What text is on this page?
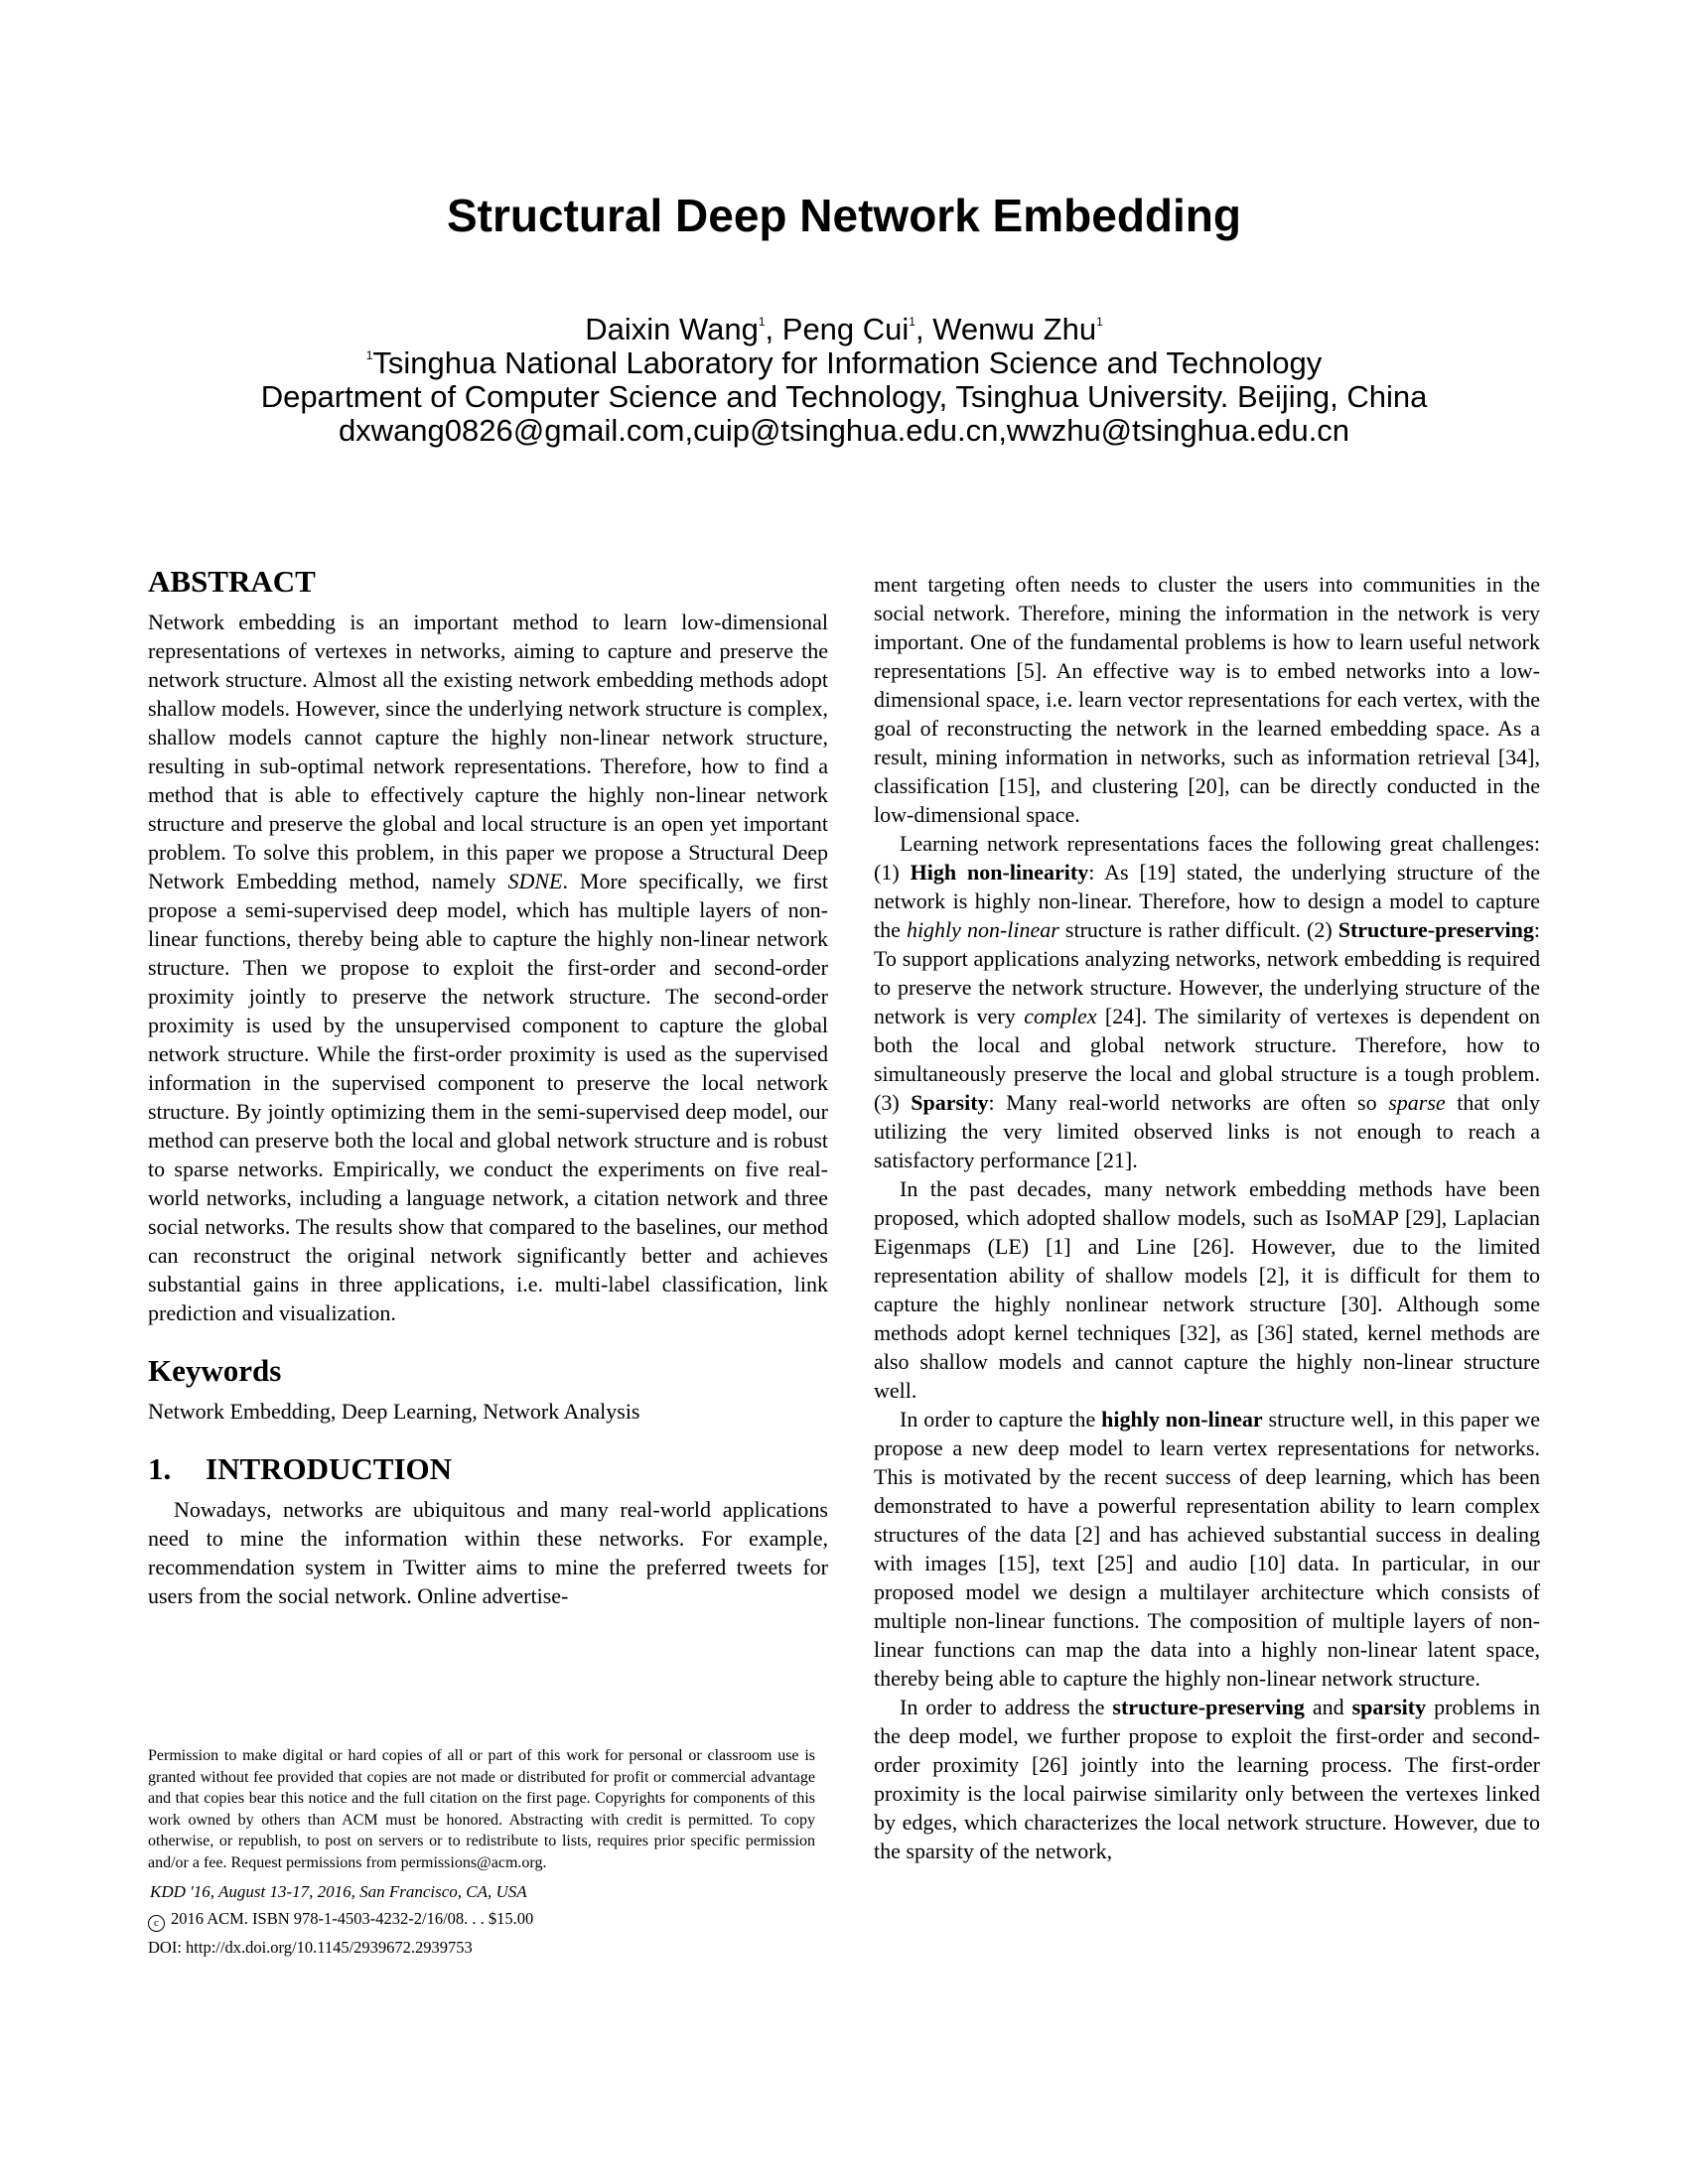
Structural Deep Network Embedding
Daixin Wang$^1$, Peng Cui$^1$, Wenwu Zhu$^1$
$^1$Tsinghua National Laboratory for Information Science and Technology
Department of Computer Science and Technology, Tsinghua University. Beijing, China
dxwang0826@gmail.com,cuip@tsinghua.edu.cn,wwzhu@tsinghua.edu.cn
ABSTRACT

Network embedding is an important method to learn low-dimensional representations of vertexes in networks, aiming to capture and preserve the network structure. Almost all the existing network embedding methods adopt shallow models. However, since the underlying network structure is complex, shallow models cannot capture the highly non-linear network structure, resulting in sub-optimal network representations. Therefore, how to find a method that is able to effectively capture the highly non-linear network structure and preserve the global and local structure is an open yet important problem. To solve this problem, in this paper we propose a Structural Deep Network Embedding method, namely SDNE. More specifically, we first propose a semi-supervised deep model, which has multiple layers of non-linear functions, thereby being able to capture the highly non-linear network structure. Then we propose to exploit the first-order and second-order proximity jointly to preserve the network structure. The second-order proximity is used by the unsupervised component to capture the global network structure. While the first-order proximity is used as the supervised information in the supervised component to preserve the local network structure. By jointly optimizing them in the semi-supervised deep model, our method can preserve both the local and global network structure and is robust to sparse networks. Empirically, we conduct the experiments on five real-world networks, including a language network, a citation network and three social networks. The results show that compared to the baselines, our method can reconstruct the original network significantly better and achieves substantial gains in three applications, i.e. multi-label classification, link prediction and visualization.

Keywords

Network Embedding, Deep Learning, Network Analysis

1. INTRODUCTION

Nowadays, networks are ubiquitous and many real-world applications need to mine the information within these networks. For example, recommendation system in Twitter aims to mine the preferred tweets for users from the social network. Online advertise-

ment targeting often needs to cluster the users into communities in the social network. Therefore, mining the information in the network is very important. One of the fundamental problems is how to learn useful network representations [5]. An effective way is to embed networks into a low-dimensional space, i.e. learn vector representations for each vertex, with the goal of reconstructing the network in the learned embedding space. As a result, mining information in networks, such as information retrieval [34], classification [15], and clustering [20], can be directly conducted in the low-dimensional space.

Learning network representations faces the following great challenges: (1) High non-linearity: As [19] stated, the underlying structure of the network is highly non-linear. Therefore, how to design a model to capture the highly non-linear structure is rather difficult. (2) Structure-preserving: To support applications analyzing networks, network embedding is required to preserve the network structure. However, the underlying structure of the network is very complex [24]. The similarity of vertexes is dependent on both the local and global network structure. Therefore, how to simultaneously preserve the local and global structure is a tough problem. (3) Sparsity: Many real-world networks are often so sparse that only utilizing the very limited observed links is not enough to reach a satisfactory performance [21].

In the past decades, many network embedding methods have been proposed, which adopted shallow models, such as IsoMAP [29], Laplacian Eigenmaps (LE) [1] and Line [26]. However, due to the limited representation ability of shallow models [2], it is difficult for them to capture the highly nonlinear network structure [30]. Although some methods adopt kernel techniques [32], as [36] stated, kernel methods are also shallow models and cannot capture the highly non-linear structure well.

In order to capture the highly non-linear structure well, in this paper we propose a new deep model to learn vertex representations for networks. This is motivated by the recent success of deep learning, which has been demonstrated to have a powerful representation ability to learn complex structures of the data [2] and has achieved substantial success in dealing with images [15], text [25] and audio [10] data. In particular, in our proposed model we design a multilayer architecture which consists of multiple non-linear functions. The composition of multiple layers of non-linear functions can map the data into a highly non-linear latent space, thereby being able to capture the highly non-linear network structure.

In order to address the structure-preserving and sparsity problems in the deep model, we further propose to exploit the first-order and second-order proximity [26] jointly into the learning process. The first-order proximity is the local pairwise similarity only between the vertexes linked by edges, which characterizes the local network structure. However, due to the sparsity of the network,

Permission to make digital or hard copies of all or part of this work for personal or classroom use is granted without fee provided that copies are not made or distributed for profit or commercial advantage and that copies bear this notice and the full citation on the first page. Copyrights for components of this work owned by others than ACM must be honored. Abstracting with credit is permitted. To copy otherwise, or republish, to post on servers or to redistribute to lists, requires prior specific permission and/or a fee. Request permissions from permissions@acm.org.

KDD '16, August 13-17, 2016, San Francisco, CA, USA

c 2016 ACM. ISBN 978-1-4503-4232-2/16/08. . . $15.00

DOI: http://dx.doi.org/10.1145/2939672.2939753
